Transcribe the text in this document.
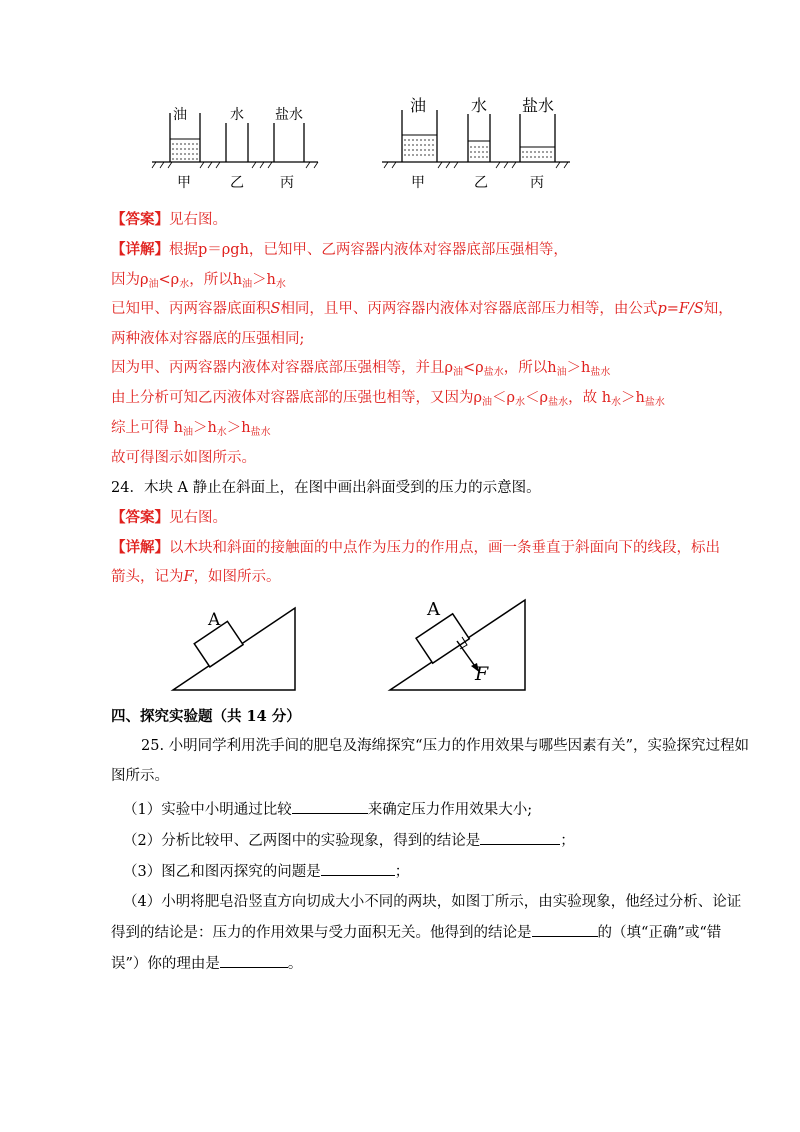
油	水 盐水
甲	乙	丙
油	水 盐水
甲	乙	丙
【答案】见右图。
【详解】根据p＝ρgh，已知甲、乙两容器内液体对容器底部压强相等，
因为$\rho_油<\rho_水$，所以$h_油>h_水$
已知甲、丙两容器底面积S相同，且甲、丙两容器内液体对容器底部压力相等，由公式p=F/S知，
两种液体对容器底的压强相同;
因为甲、丙两容器内液体对容器底部压强相等，并且$\rho_油<\rho_{盐水}$，所以$h_油>h_{盐水}$
由上分析可知乙丙液体对容器底部的压强也相等，又因为$\rho_油<\rho_水<\rho_{盐水}$，故 $h_水>h_{盐水}$
综上可得 $h_油>h_水>h_{盐水}$
故可得图示如图所示。
24．木块 A 静止在斜面上，在图中画出斜面受到的压力的示意图。
【答案】见右图。
【详解】以木块和斜面的接触面的中点作为压力的作用点，画一条垂直于斜面向下的线段，标出
箭头，记为F，如图所示。
A	A
F
四、探究实验题（共 14 分）
25. 小明同学利用洗手间的肥皂及海绵探究“压力的作用效果与哪些因素有关”，实验探究过程如
图所示。
（1）实验中小明通过比较	来确定压力作用效果大小;
（2）分析比较甲、乙两图中的实验现象，得到的结论是	；
（3）图乙和图丙探究的问题是	；
（4）小明将肥皂沿竖直方向切成大小不同的两块，如图丁所示，由实验现象，他经过分析、论证
得到的结论是：压力的作用效果与受力面积无关。他得到的结论是	的（填“正确”或“错
误”）你的理由是	。
